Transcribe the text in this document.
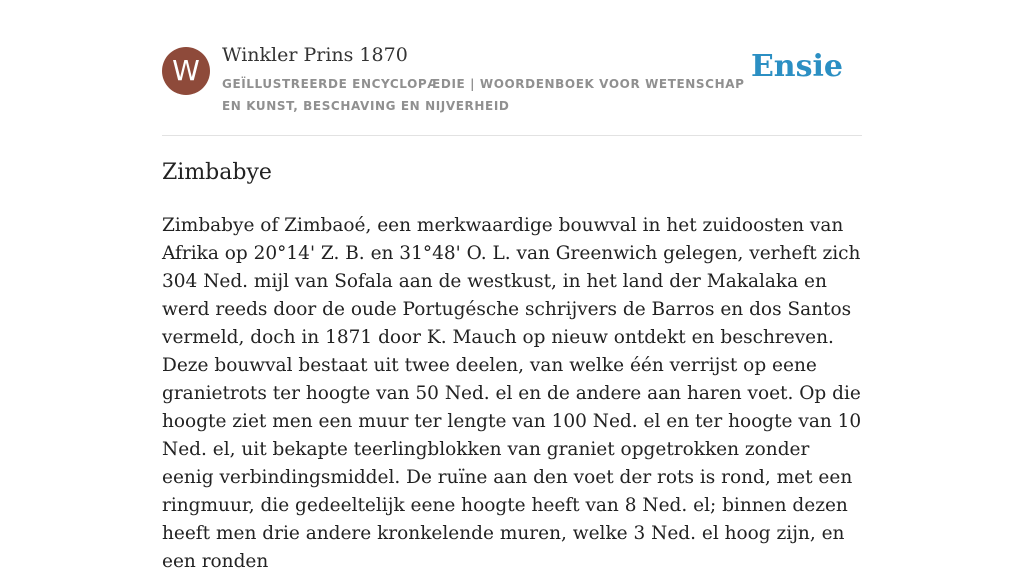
W	Winkler Prins 1870
GEÏLLUSTREERDE ENCYCLOPÆDIE | WOORDENBOEK VOOR WETENSCHAP EN KUNST, BESCHAVING EN NIJVERHEID
Ensie
Zimbabye

Zimbabye of Zimbaoé, een merkwaardige bouwval in het zuidoosten van Afrika op 20°14' Z. B. en 31°48' O. L. van Greenwich gelegen, verheft zich 304 Ned. mijl van Sofala aan de westkust, in het land der Makalaka en werd reeds door de oude Portugésche schrijvers de Barros en dos Santos vermeld, doch in 1871 door K. Mauch op nieuw ontdekt en beschreven. Deze bouwval bestaat uit twee deelen, van welke één verrijst op eene granietrots ter hoogte van 50 Ned. el en de andere aan haren voet. Op die hoogte ziet men een muur ter lengte van 100 Ned. el en ter hoogte van 10 Ned. el, uit bekapte teerlingblokken van graniet opgetrokken zonder eenig verbindingsmiddel. De ruïne aan den voet der rots is rond, met een ringmuur, die gedeeltelijk eene hoogte heeft van 8 Ned. el; binnen dezen heeft men drie andere kronkelende muren, welke 3 Ned. el hoog zijn, en een ronden
